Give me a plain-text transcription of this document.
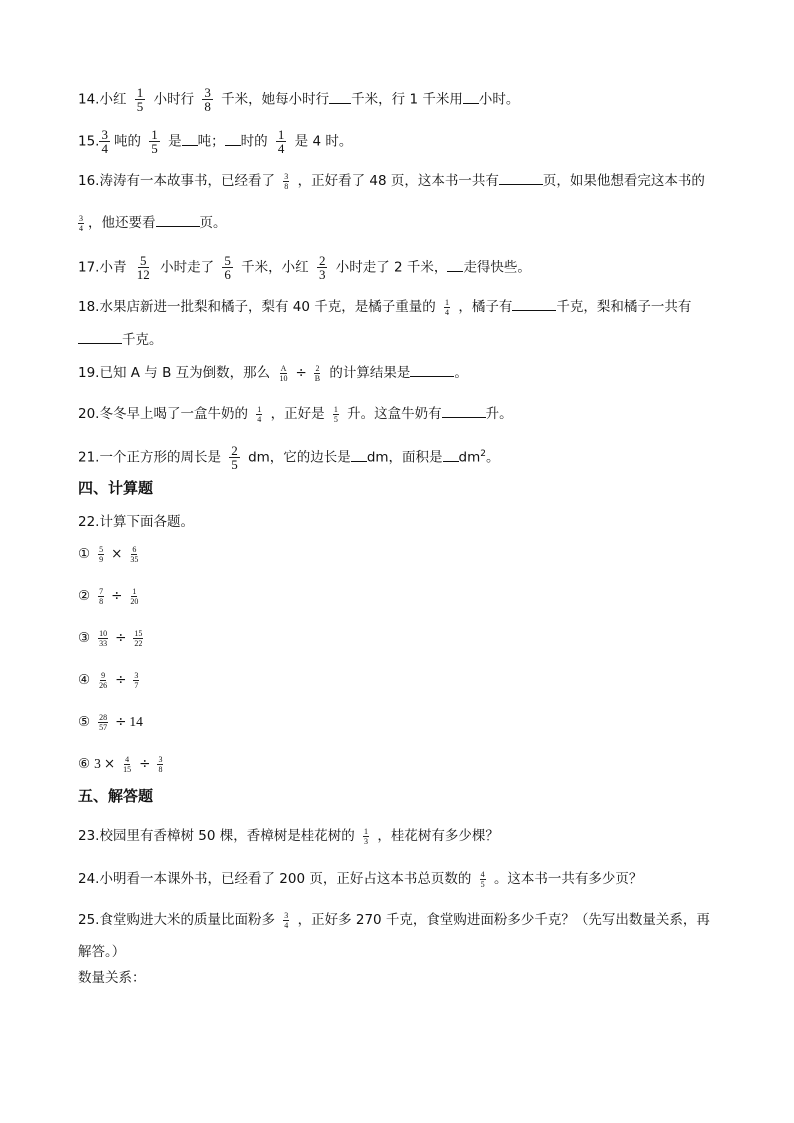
14.小红 $\frac{1}{5}$ 小时行 $\frac{3}{8}$ 千米，她每小时行 千米，行 1 千米用 小时。
15. $\frac{3}{4}$ 吨的 $\frac{1}{5}$ 是 吨； 时的 $\frac{1}{4}$ 是 4 时。
16.涛涛有一本故事书，已经看了 $\frac{3}{8}$ ，正好看了 48 页，这本书一共有	页，如果他想看完这本书的
$\frac{3}{4}$ ，他还要看	页。
17.小青 $\frac{5}{12}$ 小时走了 $\frac{5}{6}$ 千米，小红 $\frac{2}{3}$ 小时走了 2 千米， 走得快些。
18.水果店新进一批梨和橘子，梨有 40 千克，是橘子重量的 $\frac{1}{4}$ ，橘子有	千克，梨和橘子一共有
千克。
19.已知 A 与 B 互为倒数，那么 $\frac{A}{10} \div \frac{2}{B}$ 的计算结果是	。
20.冬冬早上喝了一盒牛奶的 $\frac{1}{4}$ ，正好是 $\frac{1}{5}$ 升。这盒牛奶有	升。
21.一个正方形的周长是 $\frac{2}{5}$ dm，它的边长是 dm，面积是 $dm^2$。
四、计算题
22.计算下面各题。
① $\frac{5}{9} \times \frac{6}{35}$
② $\frac{7}{8} \div \frac{1}{20}$
③ $\frac{10}{33} \div \frac{15}{22}$
④ $\frac{9}{26} \div \frac{3}{7}$
⑤ $\frac{28}{57} \div 14$
⑥ $3 \times \frac{4}{15} \div \frac{3}{8}$
五、解答题
23.校园里有香樟树 50 棵，香樟树是桂花树的 $\frac{1}{3}$ ，桂花树有多少棵？
24.小明看一本课外书，已经看了 200 页，正好占这本书总页数的 $\frac{4}{5}$ 。这本书一共有多少页？
25.食堂购进大米的质量比面粉多 $\frac{3}{4}$ ，正好多 270 千克，食堂购进面粉多少千克？（先写出数量关系，再
解答。）
数量关系：
